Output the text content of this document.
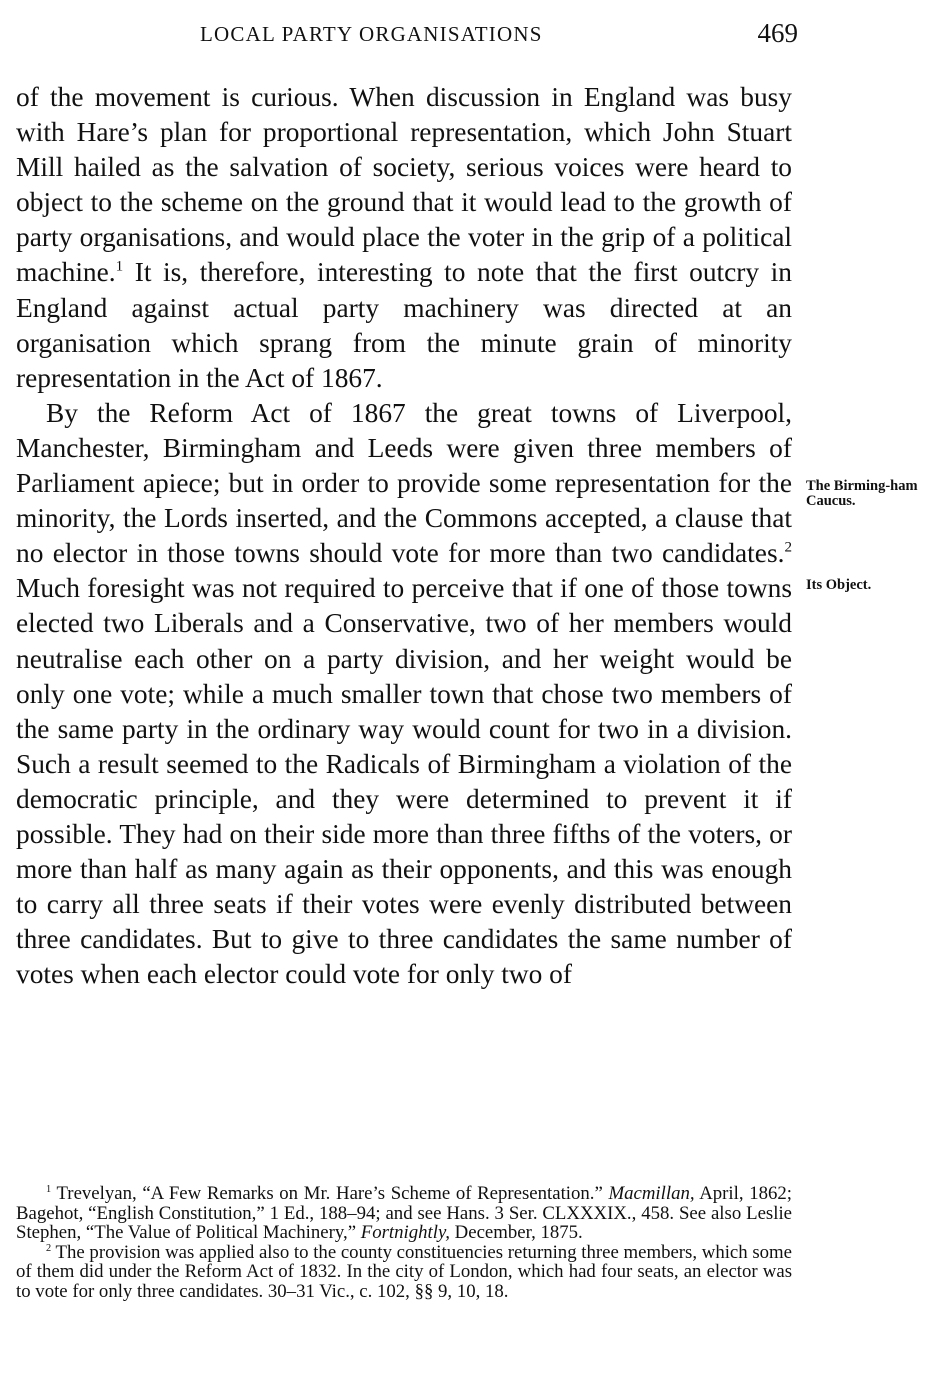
LOCAL PARTY ORGANISATIONS	469

of the movement is curious. When discussion in England was busy with Hare’s plan for proportional representation, which John Stuart Mill hailed as the salvation of society, serious voices were heard to object to the scheme on the ground that it would lead to the growth of party organisations, and would place the voter in the grip of a political machine.$^1$ It is, therefore, interesting to note that the first outcry in England against actual party machinery was directed at an organisation which sprang from the minute grain of minority representation in the Act of 1867.

By the Reform Act of 1867 the great towns of Liverpool, Manchester, Birmingham and Leeds were given three members of Parliament apiece; but in order to provide some representation for the minority, the Lords inserted, and the Commons accepted, a clause that no elector in those towns should vote for more than two candidates.$^2$ Much foresight was not required to perceive that if one of those towns elected two Liberals and a Conservative, two of her members would neutralise each other on a party division, and her weight would be only one vote; while a much smaller town that chose two members of the same party in the ordinary way would count for two in a division. Such a result seemed to the Radicals of Birmingham a violation of the democratic principle, and they were determined to prevent it if possible. They had on their side more than three fifths of the voters, or more than half as many again as their opponents, and this was enough to carry all three seats if their votes were evenly distributed between three candidates. But to give to three candidates the same number of votes when each elector could vote for only two of

The Birming-ham Caucus.
Its Object.

$^1$ Trevelyan, “A Few Remarks on Mr. Hare’s Scheme of Representation.” Macmillan, April, 1862; Bagehot, “English Constitution,” 1 Ed., 188–94; and see Hans. 3 Ser. CLXXXIX., 458. See also Leslie Stephen, “The Value of Political Machinery,” Fortnightly, December, 1875.

$^2$ The provision was applied also to the county constituencies returning three members, which some of them did under the Reform Act of 1832. In the city of London, which had four seats, an elector was to vote for only three candidates. 30–31 Vic., c. 102, §§ 9, 10, 18.
